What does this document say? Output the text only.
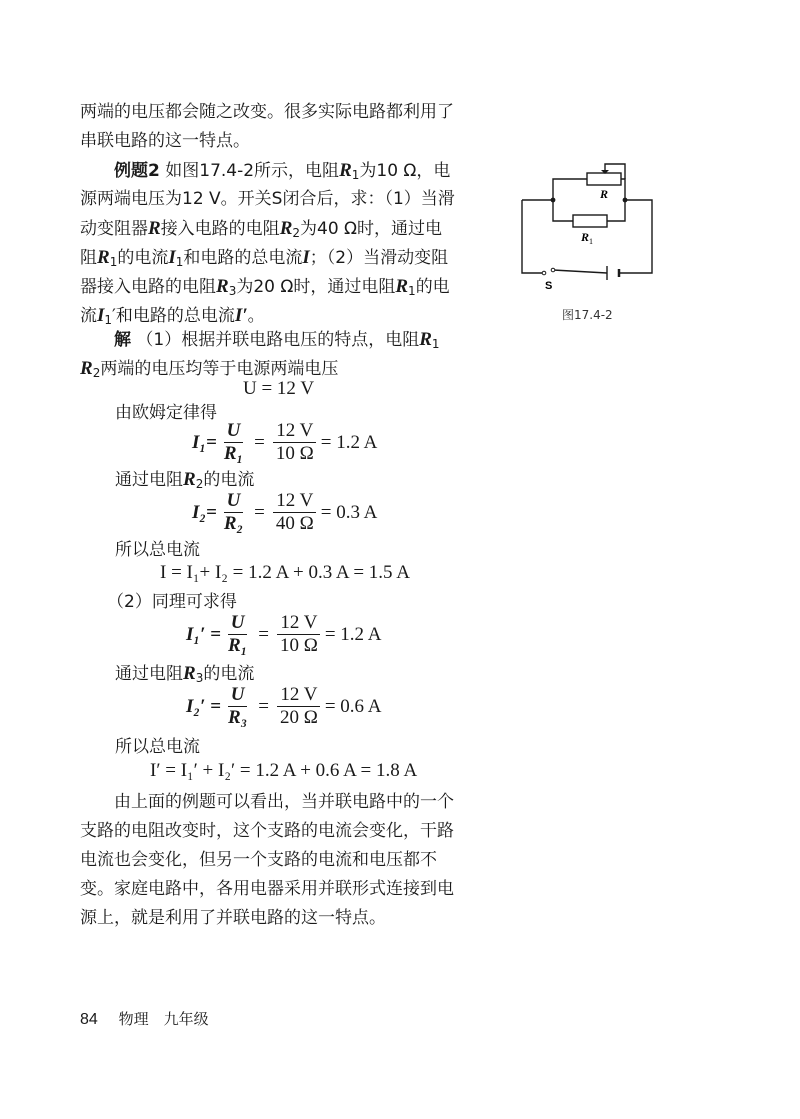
两端的电压都会随之改变。很多实际电路都利用了
串联电路的这一特点。
例题2 如图17.4-2所示，电阻$R_1$为10 Ω，电
源两端电压为12 V。开关S闭合后，求：（1）当滑
动变阻器R接入电路的电阻$R_2$为40 Ω时，通过电
阻$R_1$的电流$I_1$和电路的总电流I；（2）当滑动变阻
器接入电路的电阻$R_3$为20 Ω时，通过电阻$R_1$的电
流$I_1'$和电路的总电流I′。
解 （1）根据并联电路电压的特点，电阻$R_1$
$R_2$两端的电压均等于电源两端电压
U = 12 V
由欧姆定律得
$I_1= \frac{U}{\text{R₁}} = \frac{12 V}{10 \Omega} = 1.2$ A
通过电阻$R_2$的电流
$I_2= \frac{U}{\text{R₂}} = \frac{12 V}{40 \Omega} = 0.3$ A
所以总电流
I = I₁+ I₂ = 1.2 A + 0.3 A = 1.5 A
（2）同理可求得
$I_1' = \frac{U}{\text{R₁}} = \frac{12 V}{10 \Omega} = 1.2$ A
通过电阻$R_3$的电流
$I_2' = \frac{U}{\text{R₃}} = \frac{12 V}{20 \Omega} = 0.6$ A
所以总电流
I′ = I₁′ + I₂′ = 1.2 A + 0.6 A = 1.8 A
由上面的例题可以看出，当并联电路中的一个
支路的电阻改变时，这个支路的电流会变化，干路
电流也会变化，但另一个支路的电流和电压都不
变。家庭电路中，各用电器采用并联形式连接到电
源上，就是利用了并联电路的这一特点。
R
R 1
S
图17.4-2
84 物理　九年级
